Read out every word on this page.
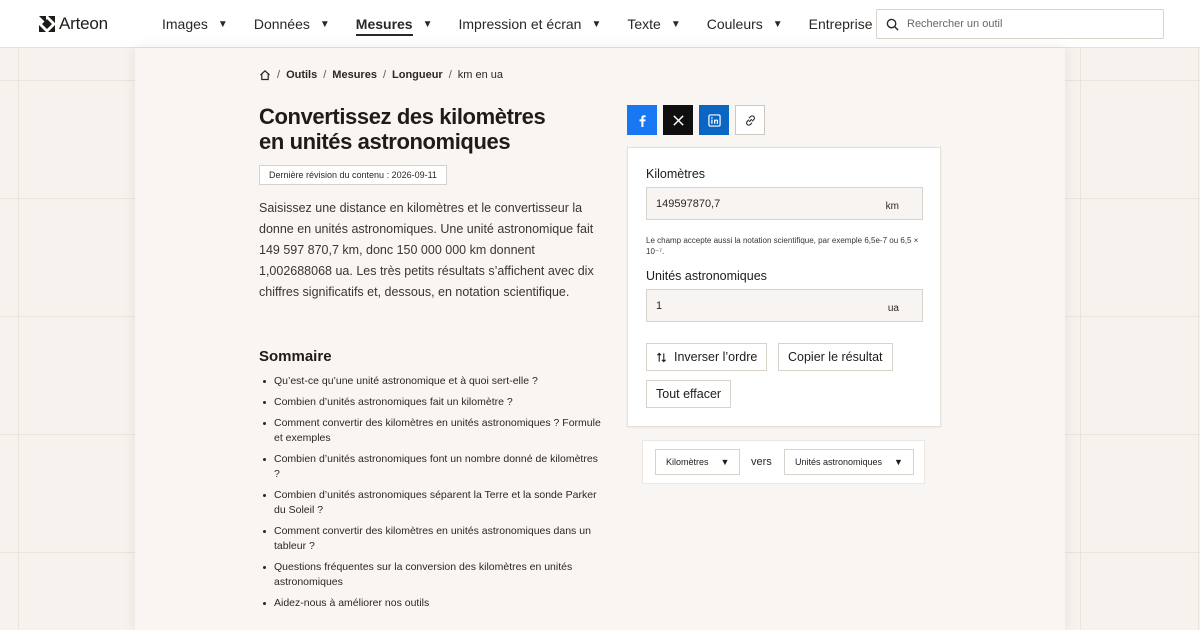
Arteon	Images ▼ Données ▼ Mesures ▼ Impression et écran ▼ Texte ▼ Couleurs ▼ Entreprise
Rechercher un outil
/ Outils / Mesures / Longueur / km en ua
Convertissez des kilomètres
en unités astronomiques
Dernière révision du contenu : 2026-09-11

Saisissez une distance en kilomètres et le convertisseur la donne en unités astronomiques. Une unité astronomique fait 149 597 870,7 km, donc 150 000 000 km donnent 1,002688068 ua. Les très petits résultats s’affichent avec dix chiffres significatifs et, dessous, en notation scientifique.

Sommaire
Qu’est-ce qu’une unité astronomique et à quoi sert-elle ?
Combien d’unités astronomiques fait un kilomètre ?
Comment convertir des kilomètres en unités astronomiques ? Formule et exemples
Combien d’unités astronomiques font un nombre donné de kilomètres ?
Combien d’unités astronomiques séparent la Terre et la sonde Parker du Soleil ?
Comment convertir des kilomètres en unités astronomiques dans un tableur ?
Questions fréquentes sur la conversion des kilomètres en unités astronomiques
Aidez-nous à améliorer nos outils
Kilomètres
149597870,7
km

Le champ accepte aussi la notation scientifique, par exemple 6,5e-7 ou 6,5 × 10⁻⁷.

Unités astronomiques
1
ua
Inverser l’ordre	Copier le résultat
Tout effacer
Kilomètres ▼ vers	Unités astronomiques ▼
